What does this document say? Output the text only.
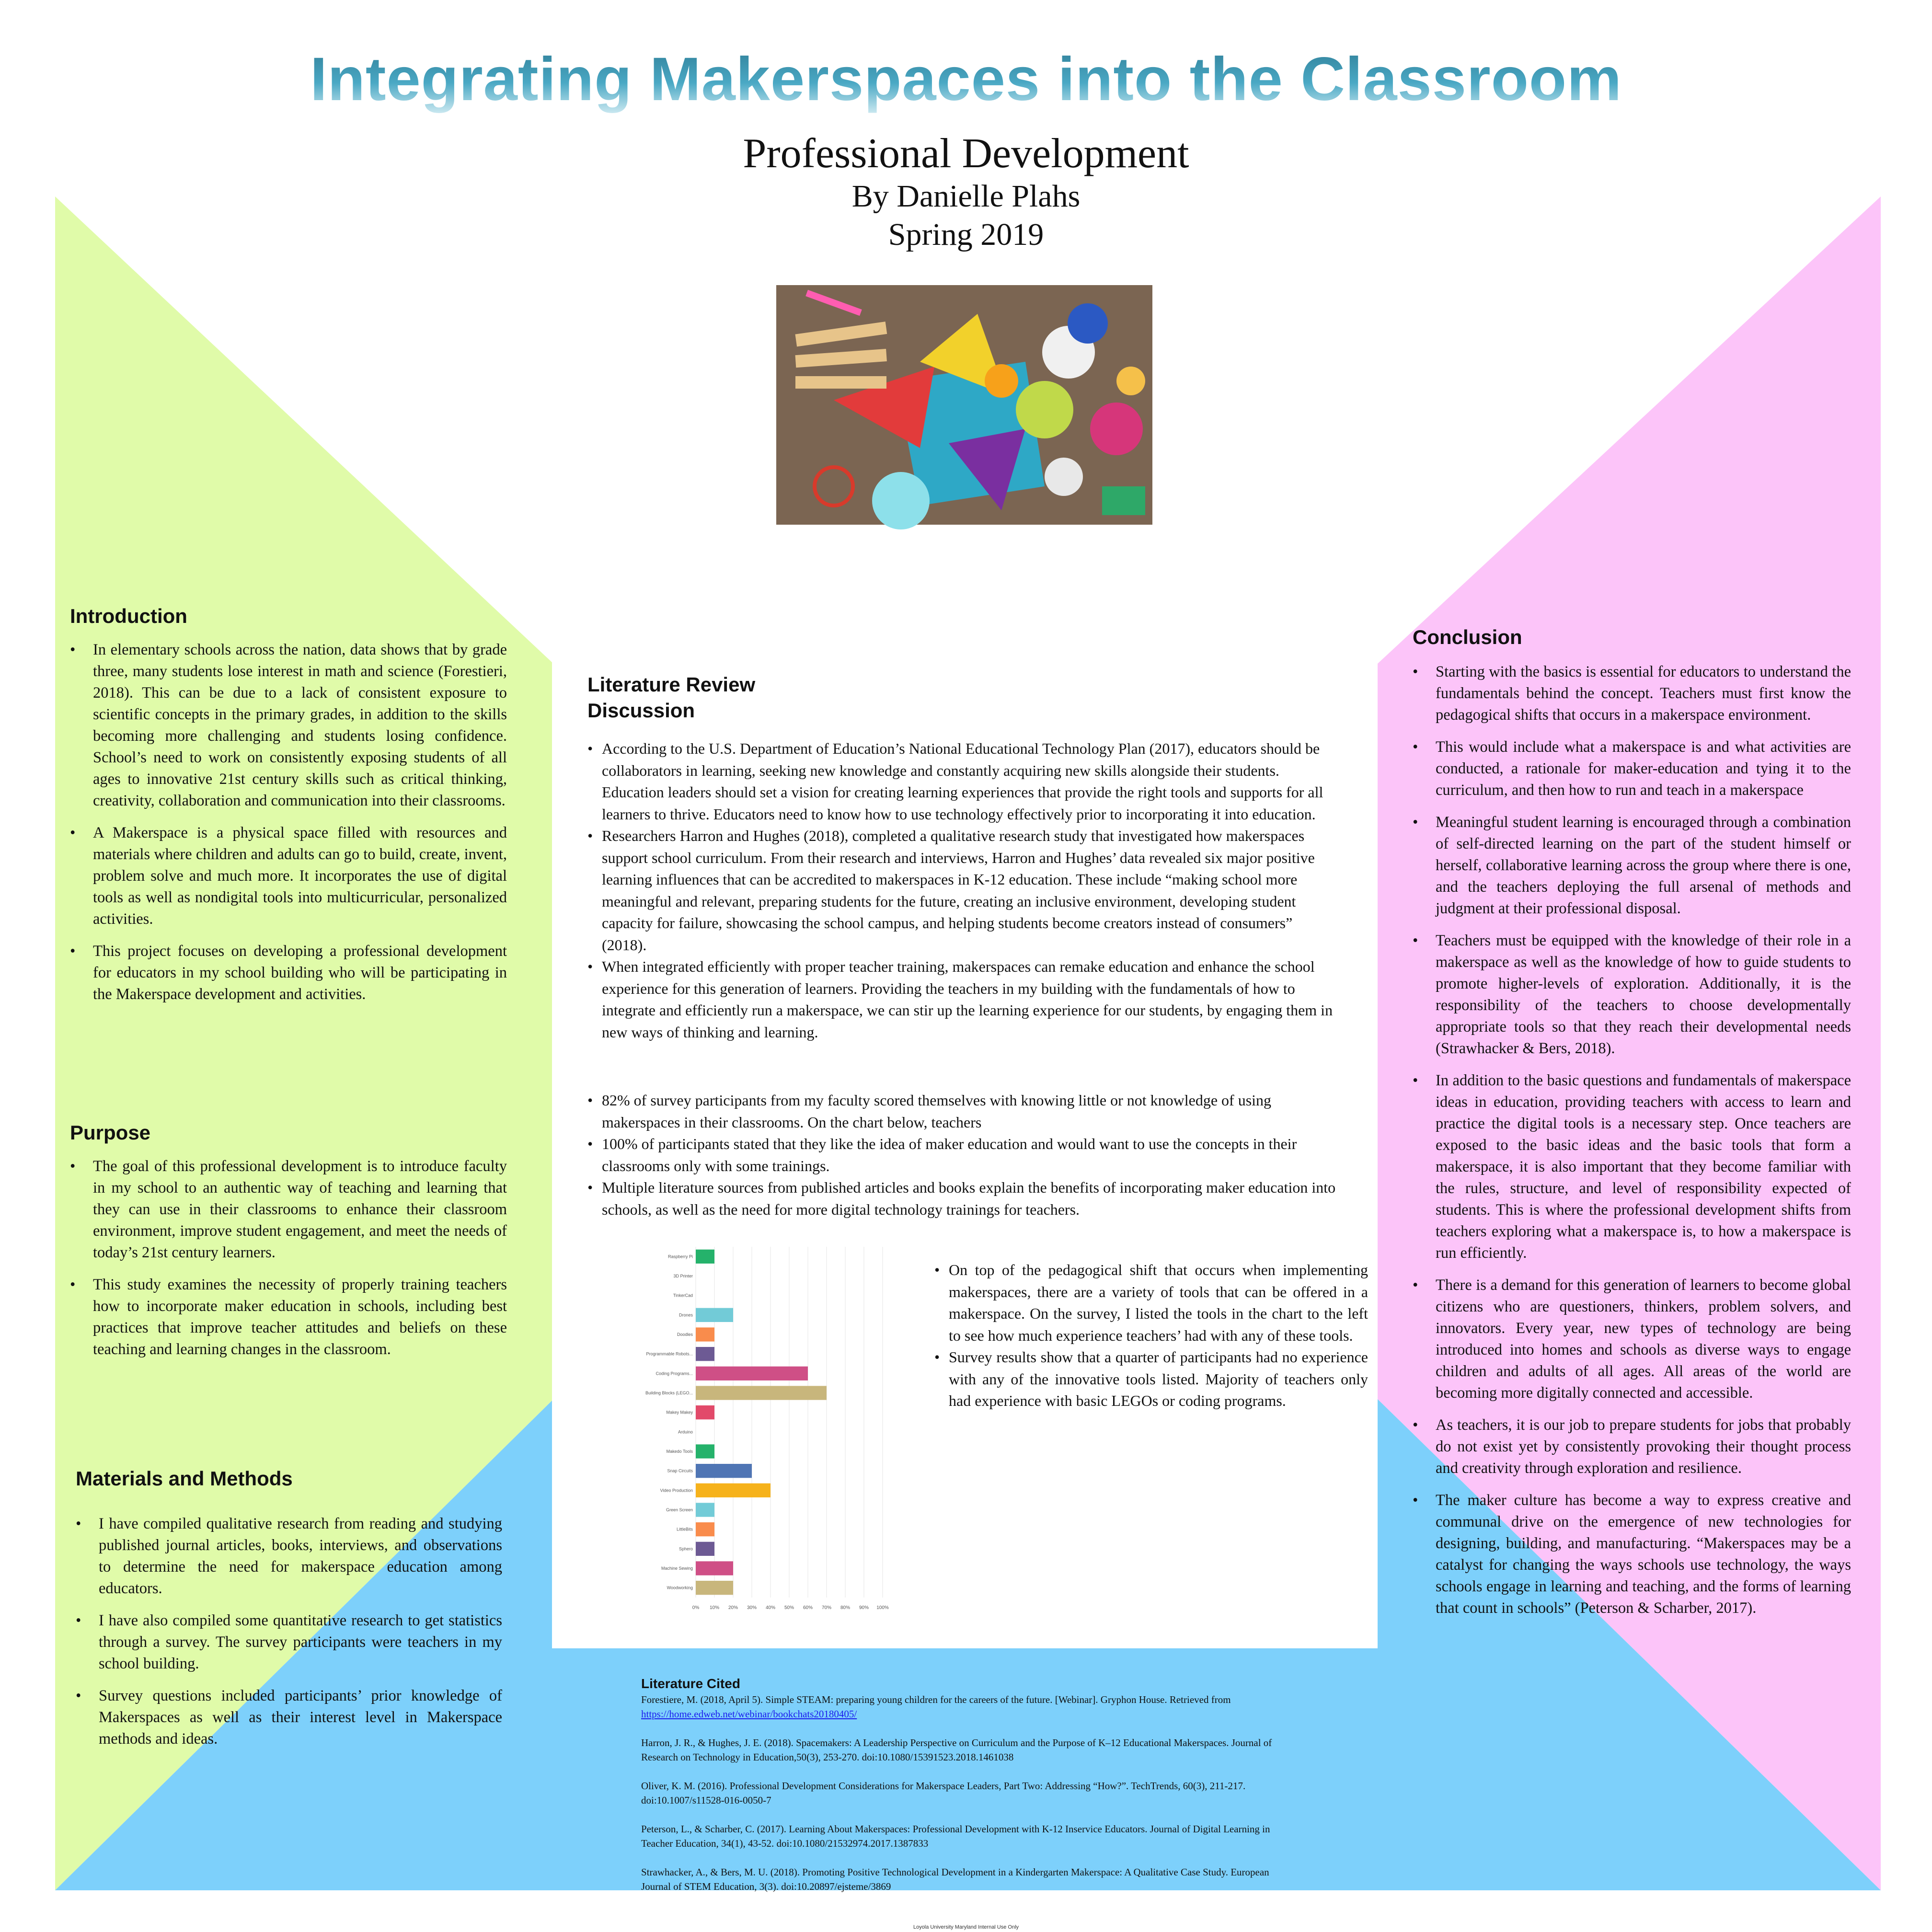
Integrating Makerspaces into the Classroom
Professional Development
By Danielle Plahs
Spring 2019
Introduction
• In elementary schools across the nation, data shows that by grade three, many students lose interest in math and science (Forestieri, 2018). This can be due to a lack of consistent exposure to scientific concepts in the primary grades, in addition to the skills becoming more challenging and students losing confidence. School’s need to work on consistently exposing students of all ages to innovative 21st century skills such as critical thinking, creativity, collaboration and communication into their classrooms.
• A Makerspace is a physical space filled with resources and materials where children and adults can go to build, create, invent, problem solve and much more. It incorporates the use of digital tools as well as nondigital tools into multicurricular, personalized activities.
• This project focuses on developing a professional development for educators in my school building who will be participating in the Makerspace development and activities.
Purpose
• The goal of this professional development is to introduce faculty in my school to an authentic way of teaching and learning that they can use in their classrooms to enhance their classroom environment, improve student engagement, and meet the needs of today’s 21st century learners.
• This study examines the necessity of properly training teachers how to incorporate maker education in schools, including best practices that improve teacher attitudes and beliefs on these teaching and learning changes in the classroom.
Materials and Methods
• I have compiled qualitative research from reading and studying published journal articles, books, interviews, and observations to determine the need for makerspace education among educators.
• I have also compiled some quantitative research to get statistics through a survey. The survey participants were teachers in my school building.
• Survey questions included participants’ prior knowledge of Makerspaces as well as their interest level in Makerspace methods and ideas.
Literature Review
Discussion
• According to the U.S. Department of Education’s National Educational Technology Plan (2017), educators should be collaborators in learning, seeking new knowledge and constantly acquiring new skills alongside their students. Education leaders should set a vision for creating learning experiences that provide the right tools and supports for all learners to thrive. Educators need to know how to use technology effectively prior to incorporating it into education.
• Researchers Harron and Hughes (2018), completed a qualitative research study that investigated how makerspaces support school curriculum. From their research and interviews, Harron and Hughes’ data revealed six major positive learning influences that can be accredited to makerspaces in K-12 education. These include “making school more meaningful and relevant, preparing students for the future, creating an inclusive environment, developing student capacity for failure, showcasing the school campus, and helping students become creators instead of consumers” (2018).
• When integrated efficiently with proper teacher training, makerspaces can remake education and enhance the school experience for this generation of learners. Providing the teachers in my building with the fundamentals of how to integrate and efficiently run a makerspace, we can stir up the learning experience for our students, by engaging them in new ways of thinking and learning.
• 82% of survey participants from my faculty scored themselves with knowing little or not knowledge of using makerspaces in their classrooms. On the chart below, teachers
• 100% of participants stated that they like the idea of maker education and would want to use the concepts in their classrooms only with some trainings.
• Multiple literature sources from published articles and books explain the benefits of incorporating maker education into schools, as well as the need for more digital technology trainings for teachers.
• On top of the pedagogical shift that occurs when implementing makerspaces, there are a variety of tools that can be offered in a makerspace. On the survey, I listed the tools in the chart to the left to see how much experience teachers’ had with any of these tools.
• Survey results show that a quarter of participants had no experience with any of the innovative tools listed. Majority of teachers only had experience with basic LEGOs or coding programs.
0% 10% 20% 30% 40% 50% 60% 70% 80% 90% 100%
Raspberry Pi
3D Printer
TinkerCad
Drones
Doodles
Programmable Robots...
Coding Programs...
Building Blocks (LEGO...
Makey Makey
Arduino
Makedo Tools
Snap Circuits
Video Production
Green Screen
LittleBits
Sphero
Machine Sewing
Woodworking
Conclusion
• Starting with the basics is essential for educators to understand the fundamentals behind the concept. Teachers must first know the pedagogical shifts that occurs in a makerspace environment.
• This would include what a makerspace is and what activities are conducted, a rationale for maker-education and tying it to the curriculum, and then how to run and teach in a makerspace
• Meaningful student learning is encouraged through a combination of self-directed learning on the part of the student himself or herself, collaborative learning across the group where there is one, and the teachers deploying the full arsenal of methods and judgment at their professional disposal.
• Teachers must be equipped with the knowledge of their role in a makerspace as well as the knowledge of how to guide students to promote higher-levels of exploration. Additionally, it is the responsibility of the teachers to choose developmentally appropriate tools so that they reach their developmental needs (Strawhacker & Bers, 2018).
• In addition to the basic questions and fundamentals of makerspace ideas in education, providing teachers with access to learn and practice the digital tools is a necessary step. Once teachers are exposed to the basic ideas and the basic tools that form a makerspace, it is also important that they become familiar with the rules, structure, and level of responsibility expected of students. This is where the professional development shifts from teachers exploring what a makerspace is, to how a makerspace is run efficiently.
• There is a demand for this generation of learners to become global citizens who are questioners, thinkers, problem solvers, and innovators. Every year, new types of technology are being introduced into homes and schools as diverse ways to engage children and adults of all ages. All areas of the world are becoming more digitally connected and accessible.
• As teachers, it is our job to prepare students for jobs that probably do not exist yet by consistently provoking their thought process and creativity through exploration and resilience.
• The maker culture has become a way to express creative and communal drive on the emergence of new technologies for designing, building, and manufacturing. “Makerspaces may be a catalyst for changing the ways schools use technology, the ways schools engage in learning and teaching, and the forms of learning that count in schools” (Peterson & Scharber, 2017).
Literature Cited
Forestiere, M. (2018, April 5). Simple STEAM: preparing young children for the careers of the future. [Webinar]. Gryphon House. Retrieved from https://home.edweb.net/webinar/bookchats20180405/
Harron, J. R., & Hughes, J. E. (2018). Spacemakers: A Leadership Perspective on Curriculum and the Purpose of K–12 Educational Makerspaces. Journal of Research on Technology in Education,50(3), 253-270. doi:10.1080/15391523.2018.1461038
Oliver, K. M. (2016). Professional Development Considerations for Makerspace Leaders, Part Two: Addressing “How?”. TechTrends, 60(3), 211-217. doi:10.1007/s11528-016-0050-7
Peterson, L., & Scharber, C. (2017). Learning About Makerspaces: Professional Development with K-12 Inservice Educators. Journal of Digital Learning in Teacher Education, 34(1), 43-52. doi:10.1080/21532974.2017.1387833
Strawhacker, A., & Bers, M. U. (2018). Promoting Positive Technological Development in a Kindergarten Makerspace: A Qualitative Case Study. European Journal of STEM Education, 3(3). doi:10.20897/ejsteme/3869
Loyola University Maryland Internal Use Only
